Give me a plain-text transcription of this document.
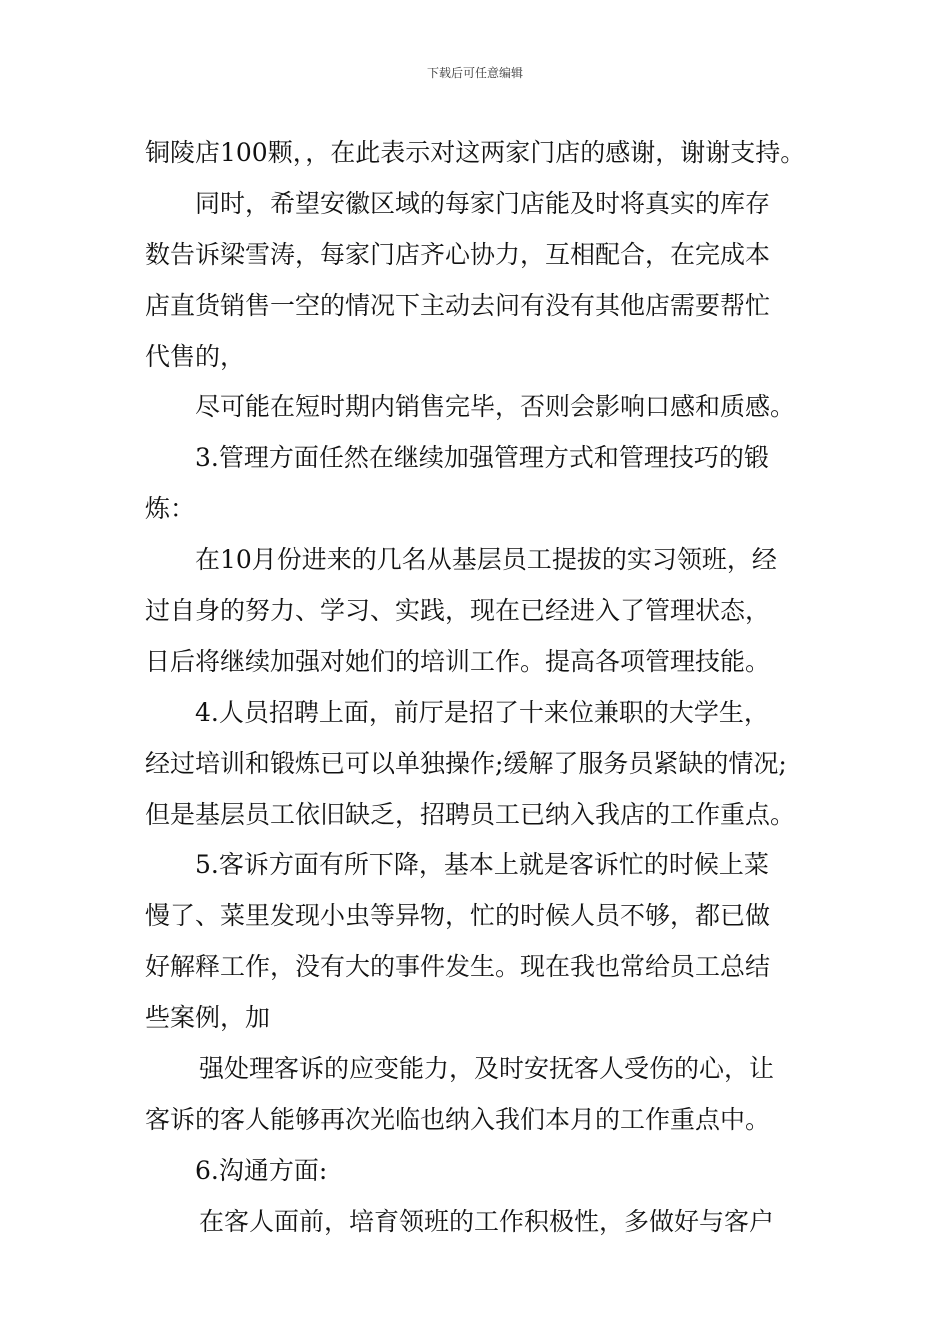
下载后可任意编辑
铜陵店100颗，，在此表示对这两家门店的感谢，谢谢支持。
同时，希望安徽区域的每家门店能及时将真实的库存
数告诉梁雪涛，每家门店齐心协力，互相配合，在完成本
店直货销售一空的情况下主动去问有没有其他店需要帮忙
代售的，
尽可能在短时期内销售完毕，否则会影响口感和质感。
3.管理方面任然在继续加强管理方式和管理技巧的锻
炼：
在10月份进来的几名从基层员工提拔的实习领班，经
过自身的努力、学习、实践，现在已经进入了管理状态，
日后将继续加强对她们的培训工作。提高各项管理技能。
4.人员招聘上面，前厅是招了十来位兼职的大学生，
经过培训和锻炼已可以单独操作;缓解了服务员紧缺的情况;
但是基层员工依旧缺乏，招聘员工已纳入我店的工作重点。
5.客诉方面有所下降，基本上就是客诉忙的时候上菜
慢了、菜里发现小虫等异物，忙的时候人员不够，都已做
好解释工作，没有大的事件发生。现在我也常给员工总结
些案例，加
强处理客诉的应变能力，及时安抚客人受伤的心，让
客诉的客人能够再次光临也纳入我们本月的工作重点中。
6.沟通方面:
在客人面前，培育领班的工作积极性，多做好与客户
